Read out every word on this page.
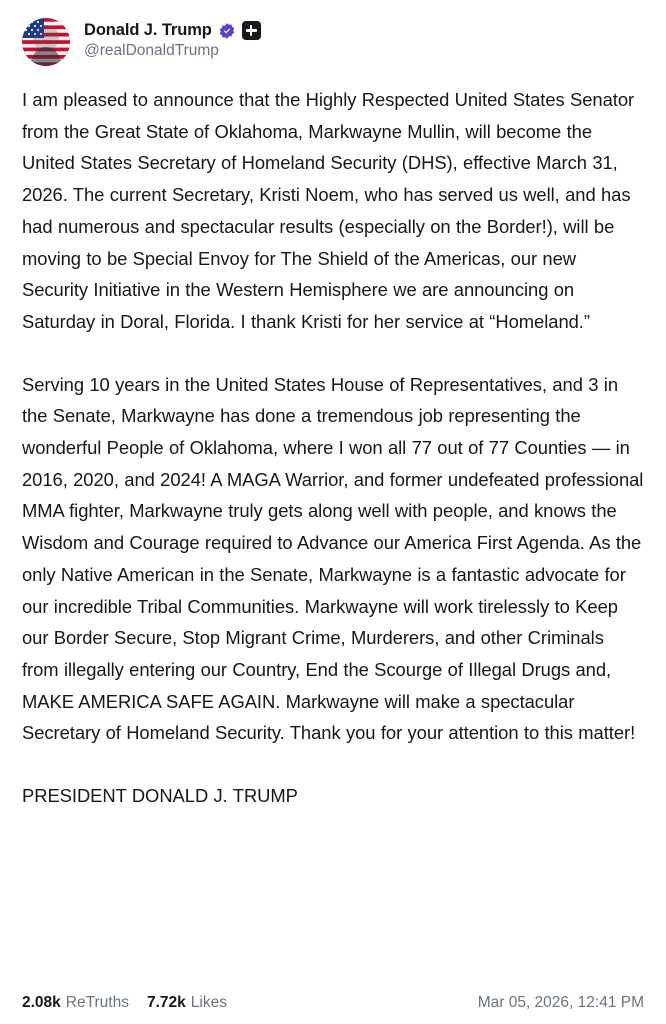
Donald J. Trump
@realDonaldTrump

I am pleased to announce that the Highly Respected United States Senator from the Great State of Oklahoma, Markwayne Mullin, will become the United States Secretary of Homeland Security (DHS), effective March 31, 2026. The current Secretary, Kristi Noem, who has served us well, and has had numerous and spectacular results (especially on the Border!), will be moving to be Special Envoy for The Shield of the Americas, our new Security Initiative in the Western Hemisphere we are announcing on Saturday in Doral, Florida. I thank Kristi for her service at “Homeland.”

Serving 10 years in the United States House of Representatives, and 3 in the Senate, Markwayne has done a tremendous job representing the wonderful People of Oklahoma, where I won all 77 out of 77 Counties — in 2016, 2020, and 2024! A MAGA Warrior, and former undefeated professional MMA fighter, Markwayne truly gets along well with people, and knows the Wisdom and Courage required to Advance our America First Agenda. As the only Native American in the Senate, Markwayne is a fantastic advocate for our incredible Tribal Communities. Markwayne will work tirelessly to Keep our Border Secure, Stop Migrant Crime, Murderers, and other Criminals from illegally entering our Country, End the Scourge of Illegal Drugs and, MAKE AMERICA SAFE AGAIN. Markwayne will make a spectacular Secretary of Homeland Security. Thank you for your attention to this matter!

PRESIDENT DONALD J. TRUMP

2.08k ReTruths 7.72k Likes	Mar 05, 2026, 12:41 PM
